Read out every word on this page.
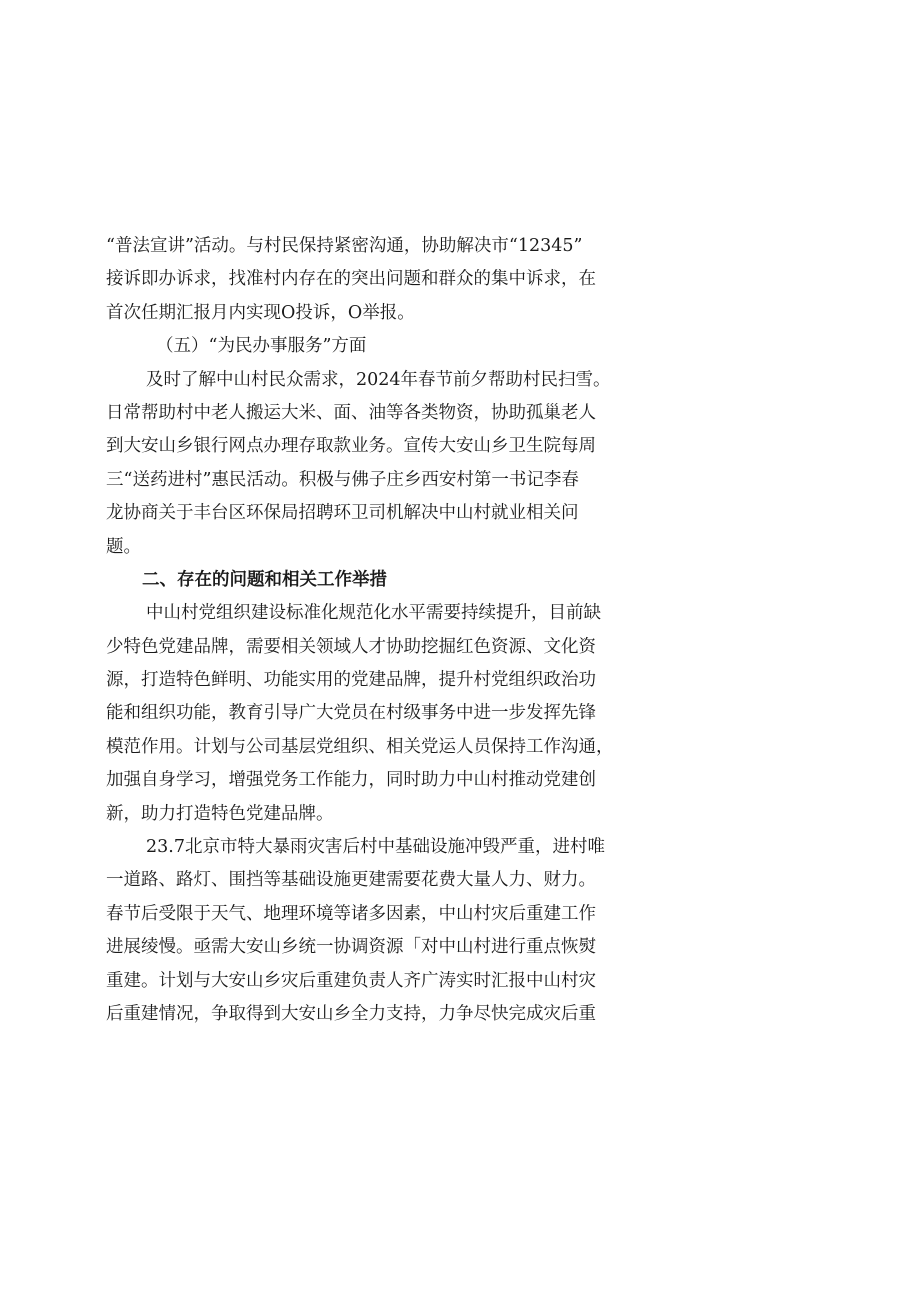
“普法宣讲”活动。与村民保持紧密沟通，协助解决市“12345”
接诉即办诉求，找准村内存在的突出问题和群众的集中诉求，在
首次任期汇报月内实现O投诉，O举报。
（五）“为民办事服务”方面
及时了解中山村民众需求，2024年春节前夕帮助村民扫雪。
日常帮助村中老人搬运大米、面、油等各类物资，协助孤巢老人
到大安山乡银行网点办理存取款业务。宣传大安山乡卫生院每周
三“送药进村”惠民活动。积极与佛子庄乡西安村第一书记李春
龙协商关于丰台区环保局招聘环卫司机解决中山村就业相关问
题。
二、存在的问题和相关工作举措
中山村党组织建设标准化规范化水平需要持续提升，目前缺
少特色党建品牌，需要相关领域人才协助挖掘红色资源、文化资
源，打造特色鲜明、功能实用的党建品牌，提升村党组织政治功
能和组织功能，教育引导广大党员在村级事务中进一步发挥先锋
模范作用。计划与公司基层党组织、相关党运人员保持工作沟通，
加强自身学习，增强党务工作能力，同时助力中山村推动党建创
新，助力打造特色党建品牌。
23.7北京市特大暴雨灾害后村中基础设施冲毁严重，进村唯
一道路、路灯、围挡等基础设施更建需要花费大量人力、财力。
春节后受限于天气、地理环境等诸多因素，中山村灾后重建工作
进展绫慢。亟需大安山乡统一协调资源「对中山村进行重点恢熨
重建。计划与大安山乡灾后重建负责人齐广涛实时汇报中山村灾
后重建情况，争取得到大安山乡全力支持，力争尽快完成灾后重
